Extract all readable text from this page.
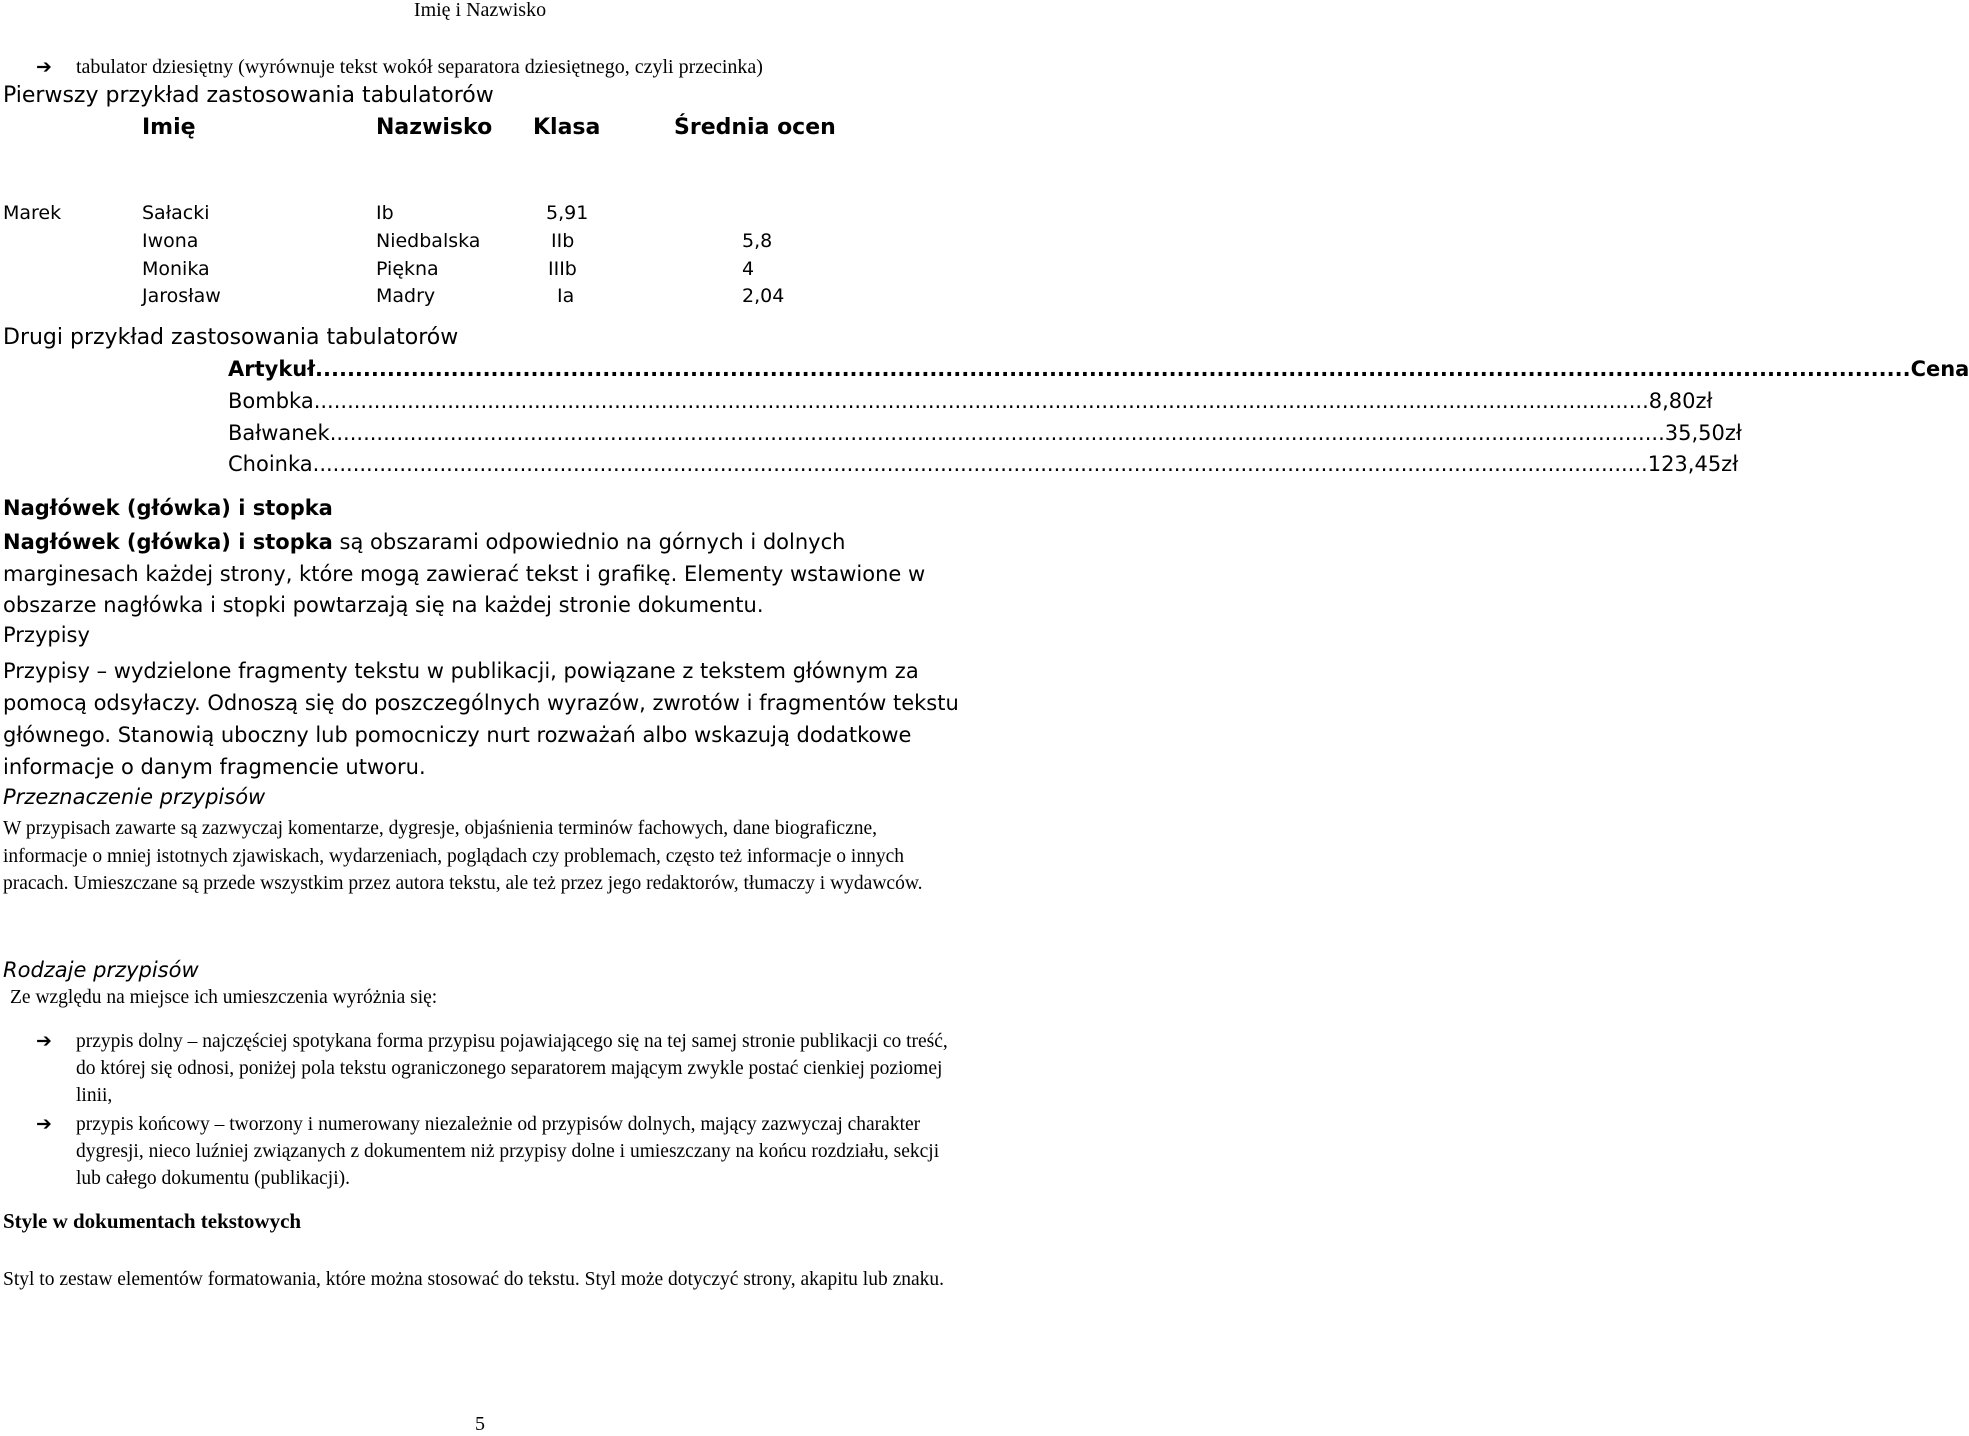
Imię i Nazwisko
➔ tabulator dziesiętny (wyrównuje tekst wokół separatora dziesiętnego, czyli przecinka)
Pierwszy przykład zastosowania tabulatorów
Imię	Nazwisko Klasa	Średnia ocen
Marek	Sałacki	Ib	5,91
Iwona	Niedbalska	IIb	5,8
Monika	Piękna	IIIb	4
Jarosław	Madry	Ia	2,04
Drugi przykład zastosowania tabulatorów
Artykuł ........................................................................................................................................................................................................ Cena
Bombka ........................................................................................................................................................................................................ 8,80zł
Bałwanek ........................................................................................................................................................................................................ 35,50zł
Choinka ........................................................................................................................................................................................................ 123,45zł
Nagłówek (główka) i stopka
Nagłówek (główka) i stopka są obszarami odpowiednio na górnych i dolnych marginesach każdej strony, które mogą zawierać tekst i grafikę. Elementy wstawione w obszarze nagłówka i stopki powtarzają się na każdej stronie dokumentu.
Przypisy
Przypisy – wydzielone fragmenty tekstu w publikacji, powiązane z tekstem głównym za pomocą odsyłaczy. Odnoszą się do poszczególnych wyrazów, zwrotów i fragmentów tekstu głównego. Stanowią uboczny lub pomocniczy nurt rozważań albo wskazują dodatkowe informacje o danym fragmencie utworu.
Przeznaczenie przypisów
W przypisach zawarte są zazwyczaj komentarze, dygresje, objaśnienia terminów fachowych, dane biograficzne, informacje o mniej istotnych zjawiskach, wydarzeniach, poglądach czy problemach, często też informacje o innych pracach. Umieszczane są przede wszystkim przez autora tekstu, ale też przez jego redaktorów, tłumaczy i wydawców.
Rodzaje przypisów
Ze względu na miejsce ich umieszczenia wyróżnia się:
➔ przypis dolny – najczęściej spotykana forma przypisu pojawiającego się na tej samej stronie publikacji co treść, do której się odnosi, poniżej pola tekstu ograniczonego separatorem mającym zwykle postać cienkiej poziomej linii,
➔ przypis końcowy – tworzony i numerowany niezależnie od przypisów dolnych, mający zazwyczaj charakter dygresji, nieco luźniej związanych z dokumentem niż przypisy dolne i umieszczany na końcu rozdziału, sekcji lub całego dokumentu (publikacji).
Style w dokumentach tekstowych
Styl to zestaw elementów formatowania, które można stosować do tekstu. Styl może dotyczyć strony, akapitu lub znaku.
5
